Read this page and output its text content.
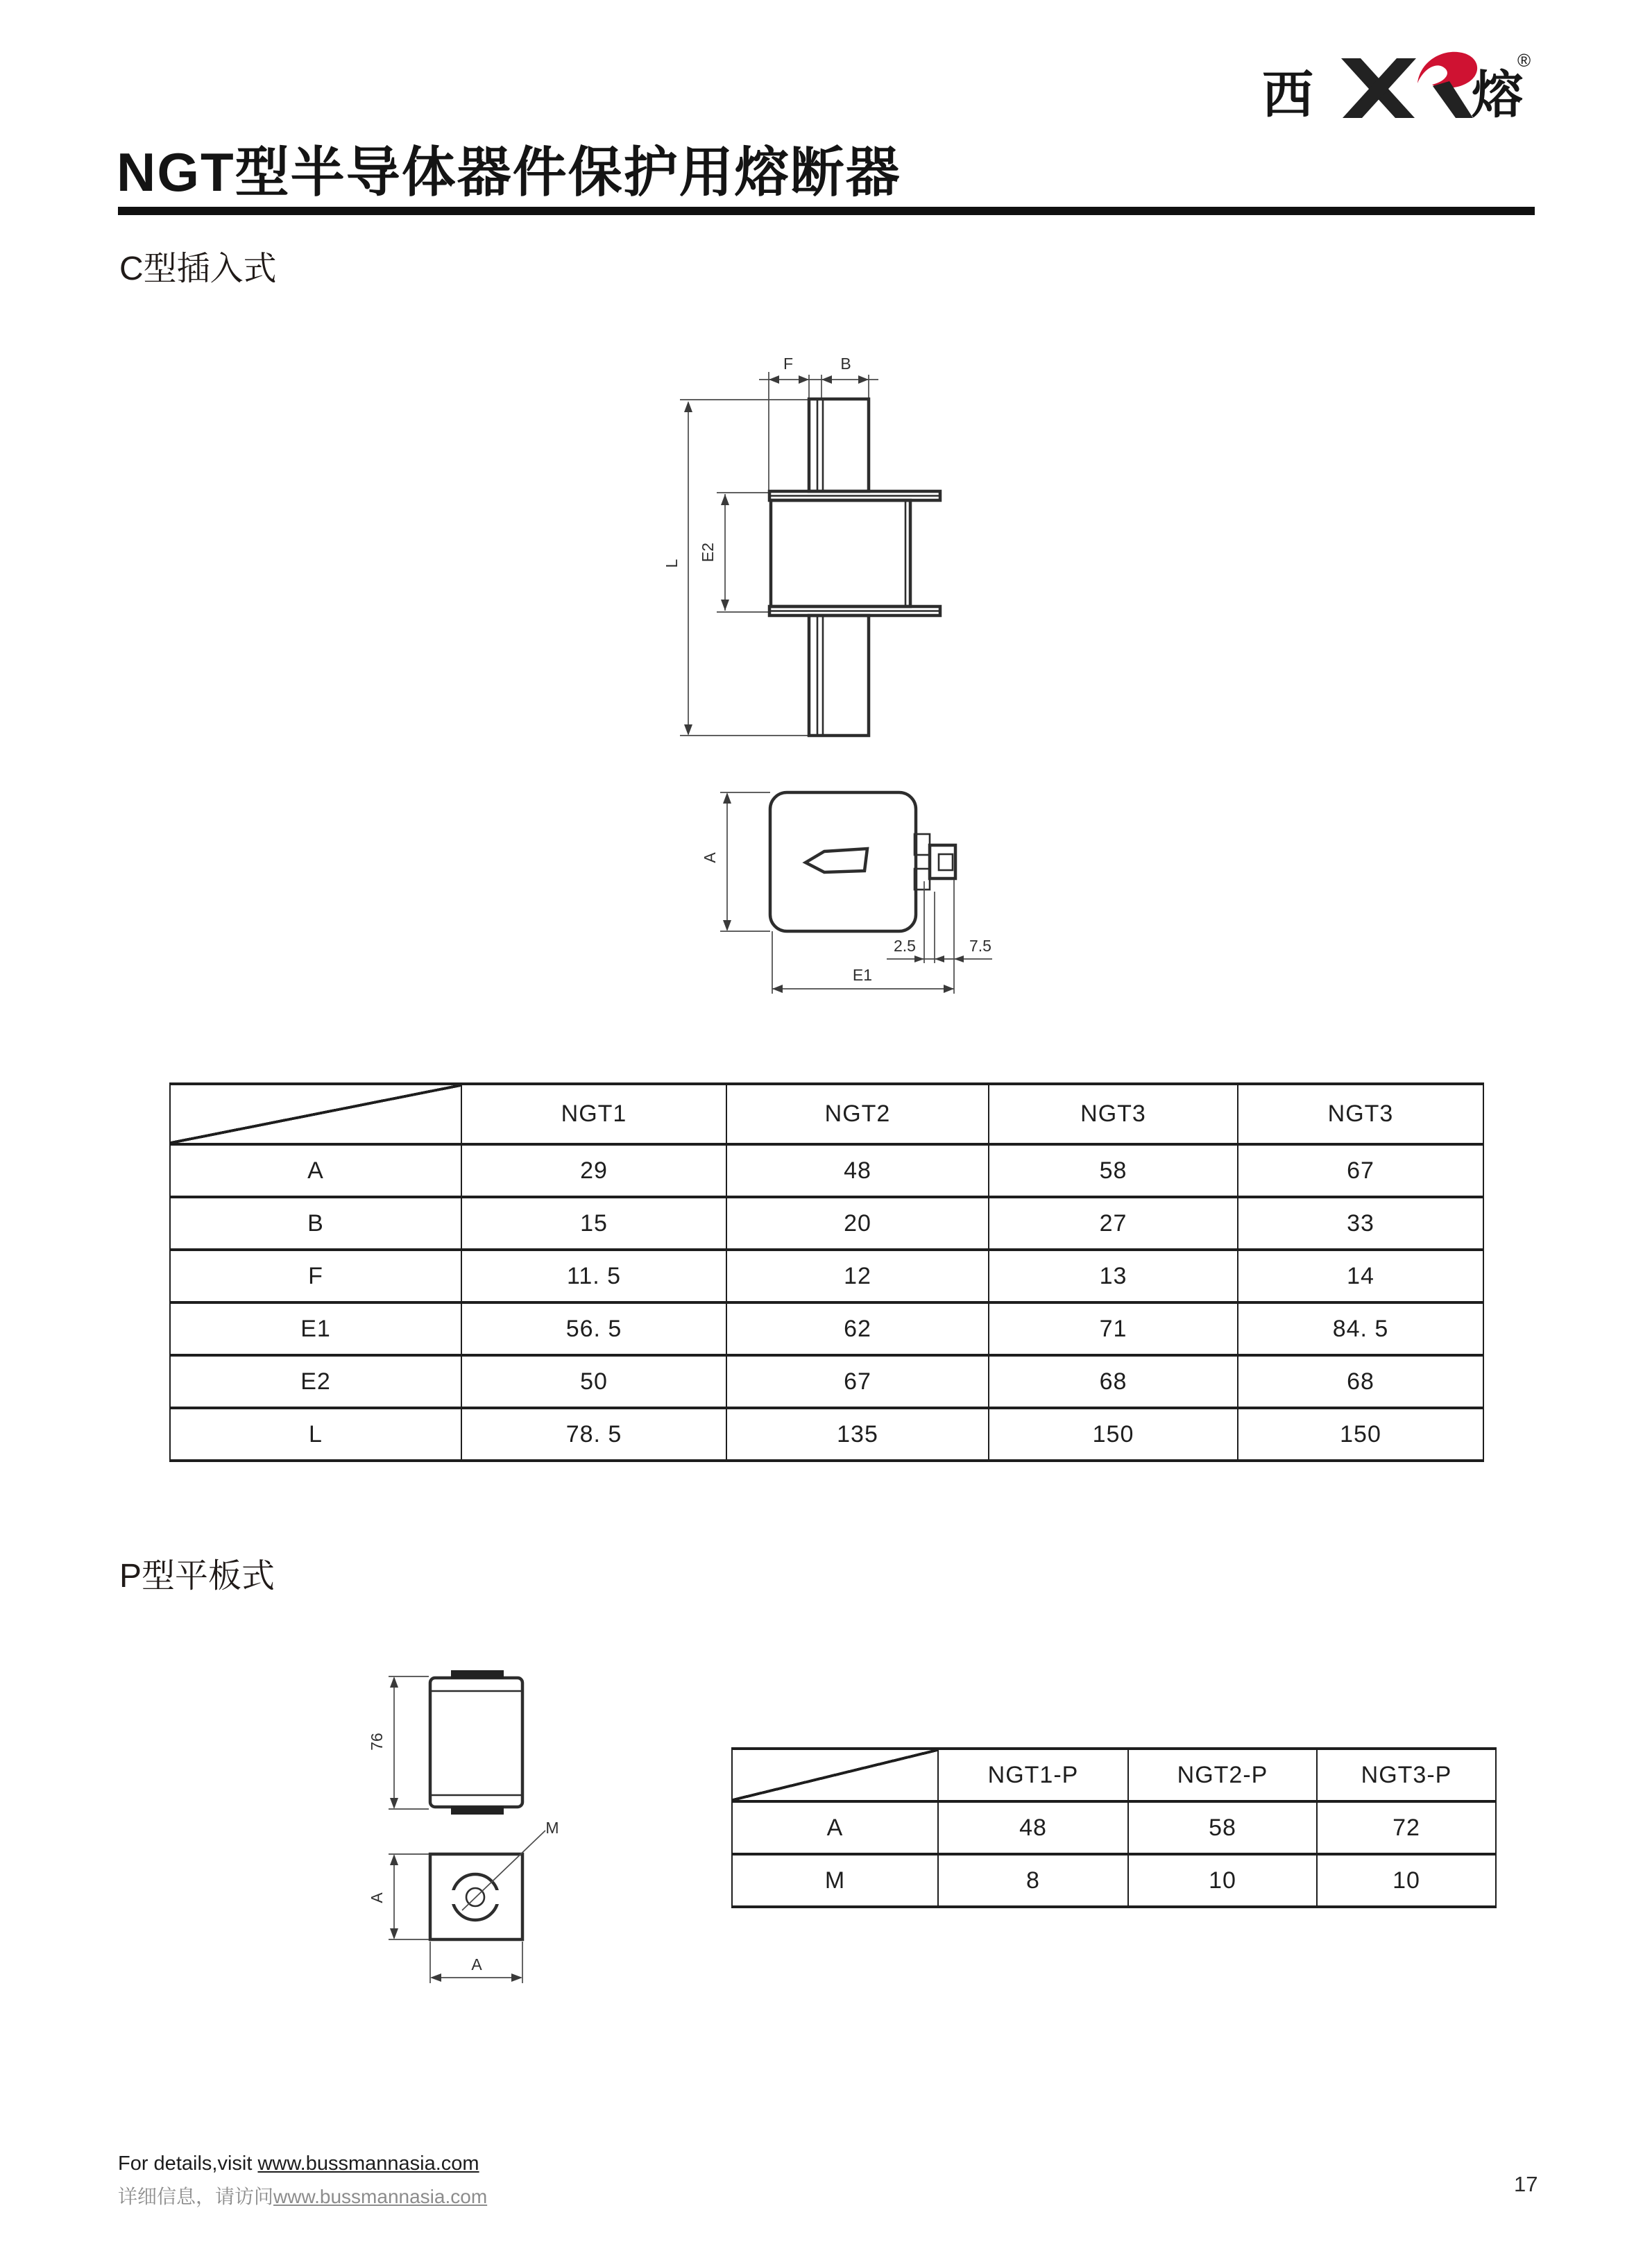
西	熔
®
NGT型半导体器件保护用熔断器
C型插入式
F	B
L
E2
A
2.5	7.5
E1
	NGT1	NGT2	NGT3	NGT3
A	29	48	58	67
B	15	20	27	33
F	11. 5	12	13	14
E1	56. 5	62	71	84. 5
E2	50	67	68	68
L	78. 5	135	150	150
P型平板式
76
M
A
A
	NGT1-P	NGT2-P	NGT3-P
A	48	58	72
M	8	10	10
For details,visit www.bussmannasia.com
详细信息，请访问www.bussmannasia.com
17
